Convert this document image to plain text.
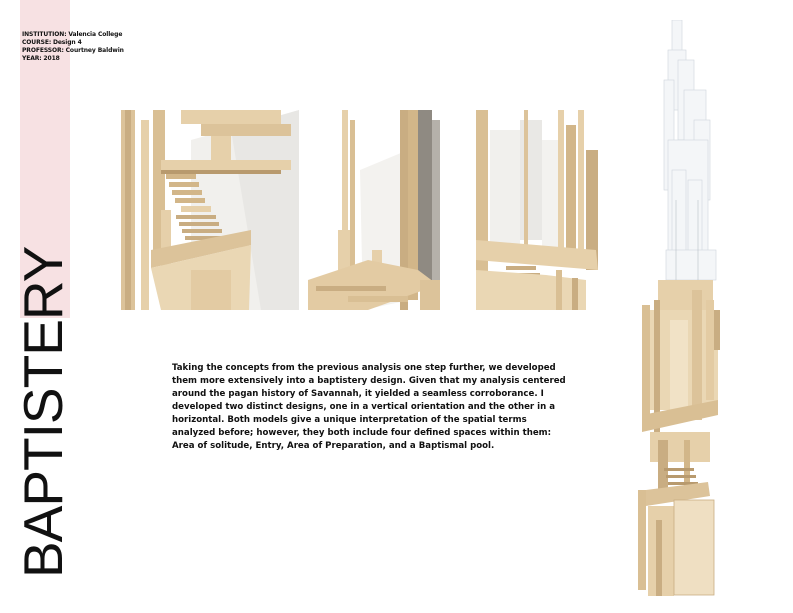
INSTITUTION: Valencia College
COURSE: Design 4
PROFESSOR: Courtney Baldwin
YEAR: 2018
BAPTISTERY	Taking the concepts from the previous analysis one step further, we developed them more extensively into a baptistery design. Given that my analysis centered around the pagan history of Savannah, it yielded a seamless corroborance. I developed two distinct designs, one in a vertical orientation and the other in a horizontal. Both models give a unique interpretation of the spatial terms analyzed before; however, they both include four defined spaces within them: Area of solitude, Entry, Area of Preparation, and a Baptismal pool.
